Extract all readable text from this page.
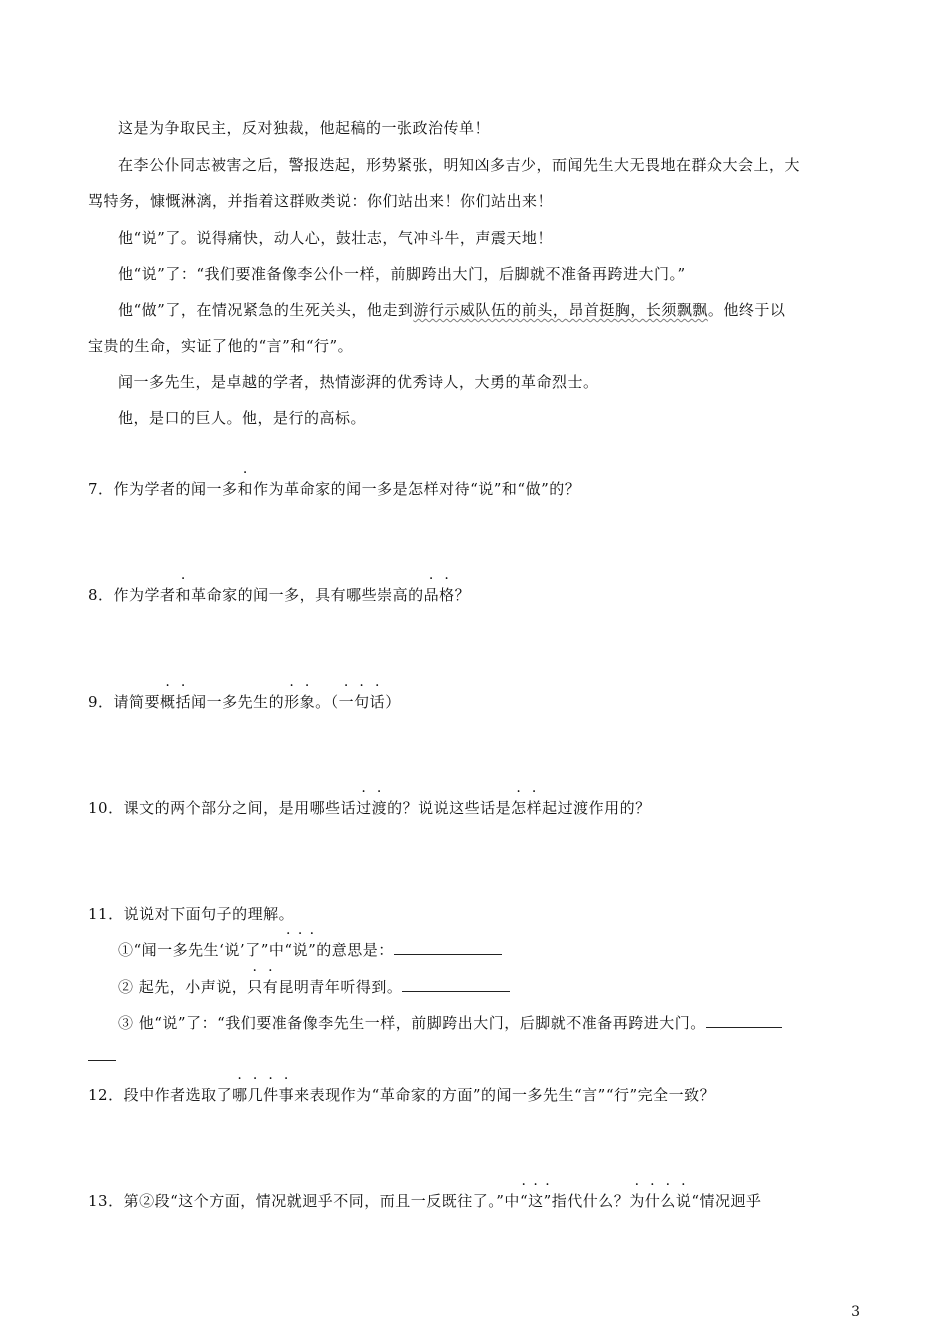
这是为争取民主，反对独裁，他起稿的一张政治传单！
在李公仆同志被害之后，警报迭起，形势紧张，明知凶多吉少，而闻先生大无畏地在群众大会上，大
骂特务，慷慨淋漓，并指着这群败类说：你们站出来！你们站出来！
他“说”了。说得痛快，动人心，鼓壮志，气冲斗牛，声震天地！
他“说”了：“我们要准备像李公仆一样，前脚跨出大门，后脚就不准备再跨进大门。”
他“做”了，在情况紧急的生死关头，他走到游行示威队伍的前头，昂首挺胸，长须飘飘。他终于以
宝贵的生命，实证了他的“言”和“行”。
闻一多先生，是卓越的学者，热情澎湃的优秀诗人，大勇的革命烈士。
他，是口的巨人。他，是行的高标。
7．作为学者的闻一多和作为革命家的闻一多是怎样对待“说”和“做”的？
8．作为学者和革命家的闻一多，具有哪些崇高的品格？
9．请简要概括闻一多先生的形象。（一句话）
10．课文的两个部分之间，是用哪些话过渡的？说说这些话是怎样起过渡作用的？
11．说说对下面句子的理解。
①“闻一多先生‘说’了”中· “说· ”的意思是：
② 起先，小声说，只有昆明青年听得到。
③ 他“说”了：“我们要准备像李先生一样，前脚跨出大门，后脚就不准备再跨进大门。
12．段中作者选取了哪几件事来表现作为“革命家的方面”的闻一多先生“言”“行”完全一致？
13．第②段“这个方面，情况就迥乎不同，而且一反既往了。”中· “这· ”指代什么？为什么说“情况迥乎
3
